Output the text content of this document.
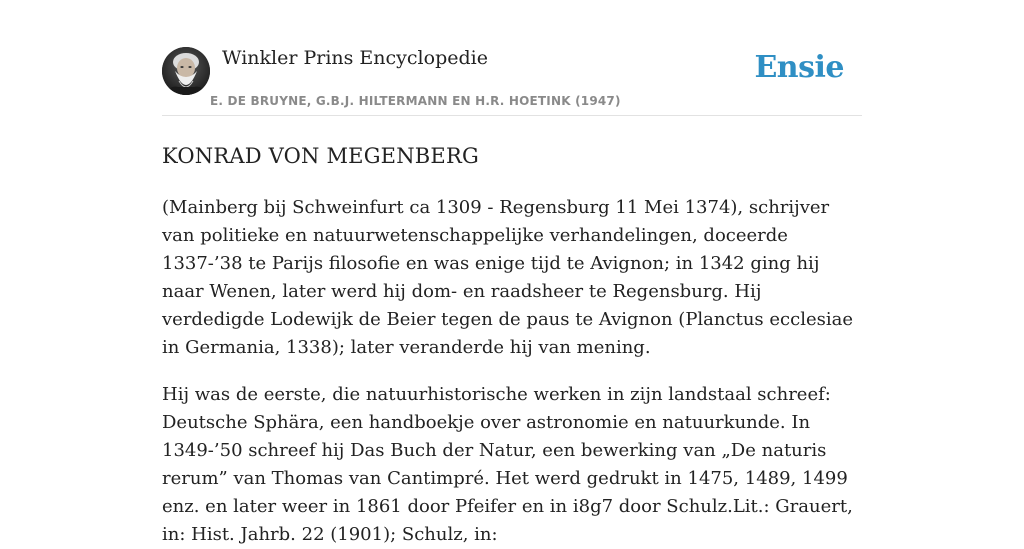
Winkler Prins Encyclopedie
E. DE BRUYNE, G.B.J. HILTERMANN EN H.R. HOETINK (1947)
Ensie
KONRAD VON MEGENBERG

(Mainberg bij Schweinfurt ca 1309 - Regensburg 11 Mei 1374), schrijver van politieke en natuurwetenschappelijke verhandelingen, doceerde 1337-’38 te Parijs filosofie en was enige tijd te Avignon; in 1342 ging hij naar Wenen, later werd hij dom- en raadsheer te Regensburg. Hij verdedigde Lodewijk de Beier tegen de paus te Avignon (Planctus ecclesiae in Germania, 1338); later veranderde hij van mening.

Hij was de eerste, die natuurhistorische werken in zijn landstaal schreef: Deutsche Sphära, een handboekje over astronomie en natuurkunde. In 1349-’50 schreef hij Das Buch der Natur, een bewerking van „De naturis rerum” van Thomas van Cantimpré. Het werd gedrukt in 1475, 1489, 1499 enz. en later weer in 1861 door Pfeifer en in i8g7 door Schulz.Lit.: Grauert, in: Hist. Jahrb. 22 (1901); Schulz, in:
